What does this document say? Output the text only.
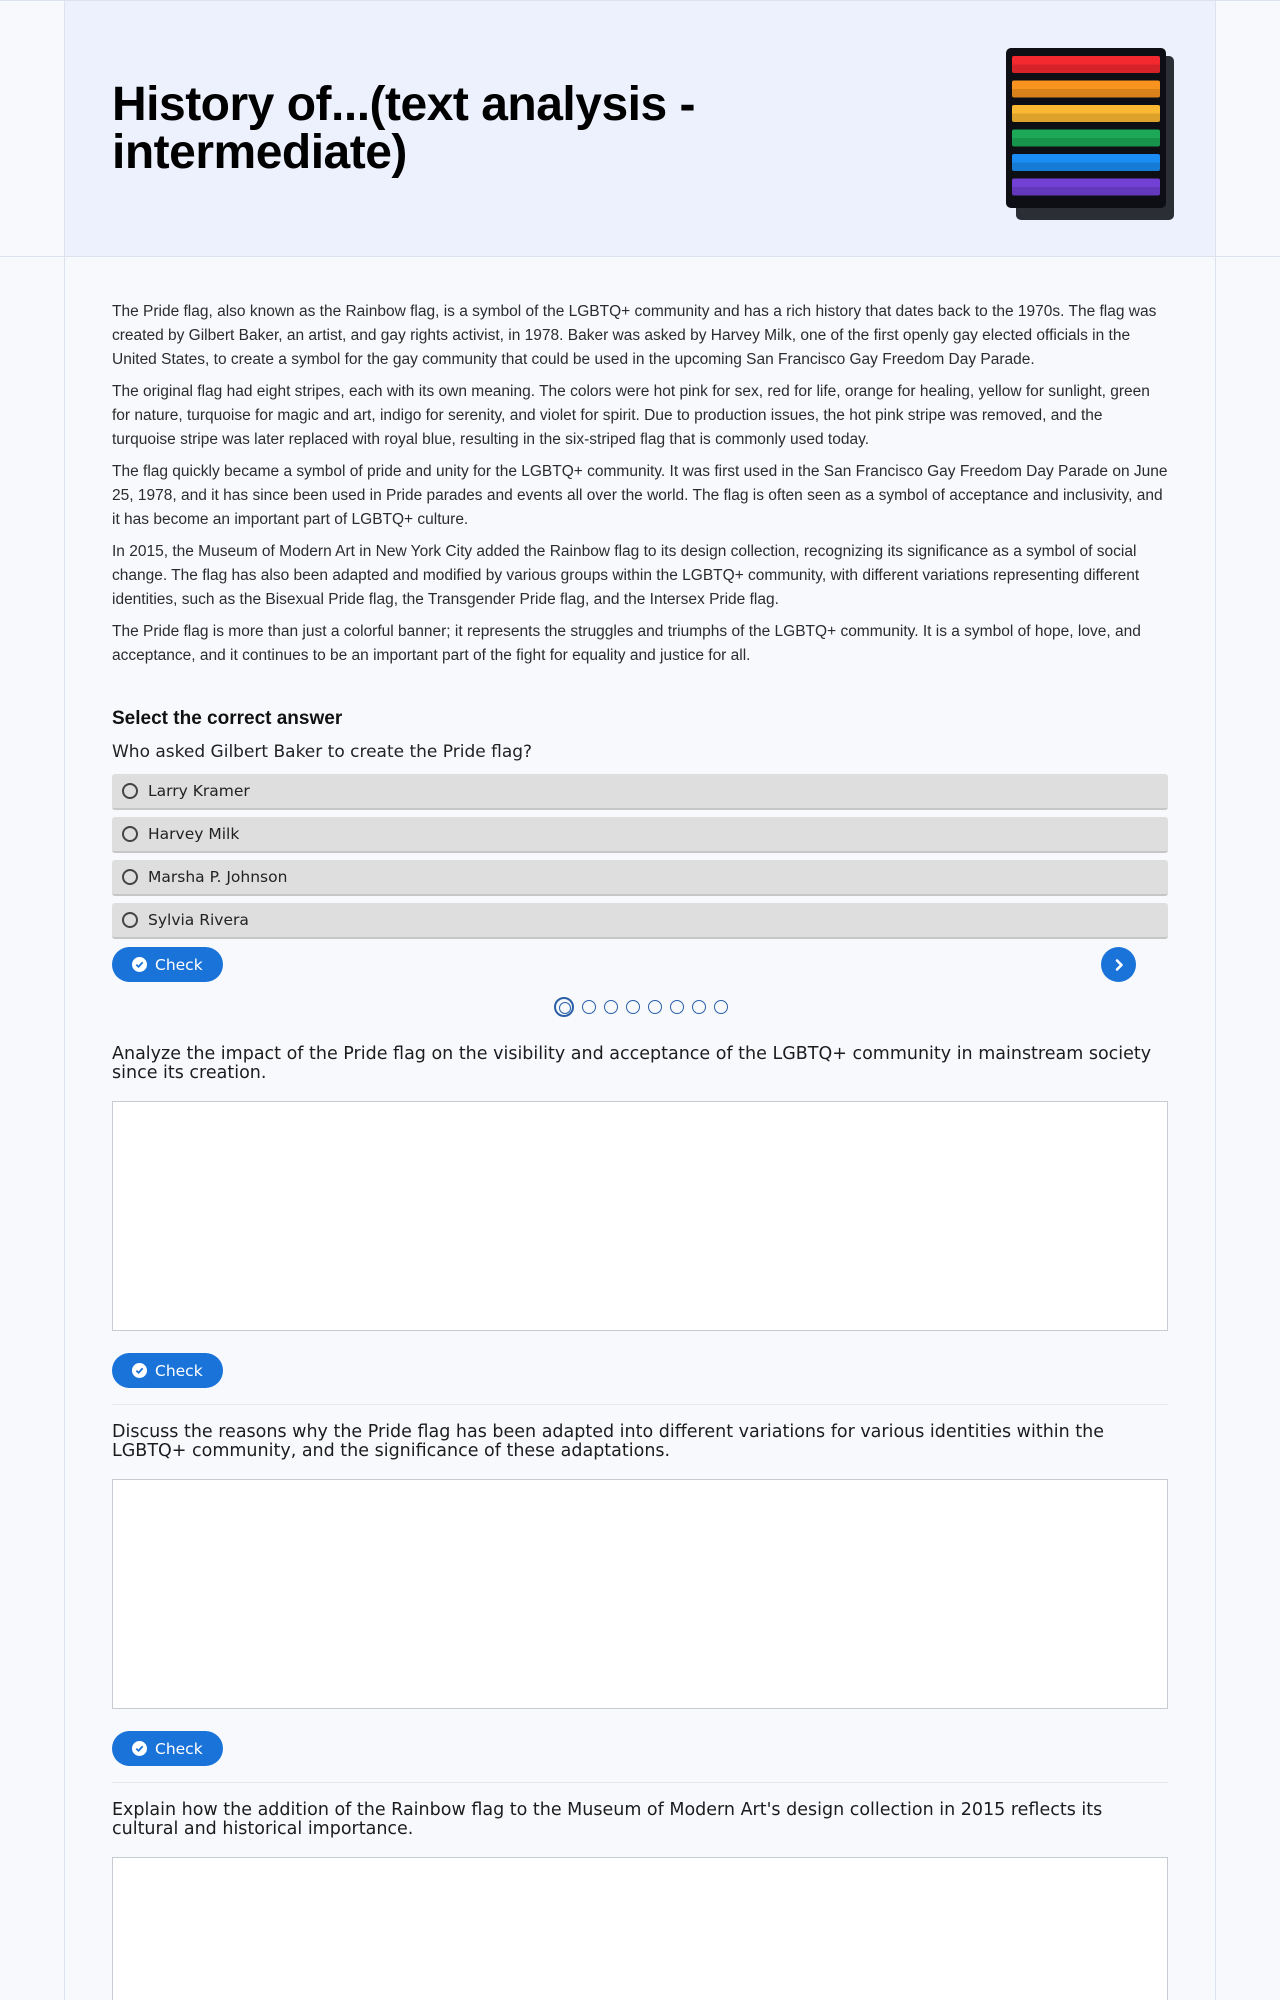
History of...(text analysis - intermediate)

The Pride flag, also known as the Rainbow flag, is a symbol of the LGBTQ+ community and has a rich history that dates back to the 1970s. The flag was created by Gilbert Baker, an artist, and gay rights activist, in 1978. Baker was asked by Harvey Milk, one of the first openly gay elected officials in the United States, to create a symbol for the gay community that could be used in the upcoming San Francisco Gay Freedom Day Parade.

The original flag had eight stripes, each with its own meaning. The colors were hot pink for sex, red for life, orange for healing, yellow for sunlight, green for nature, turquoise for magic and art, indigo for serenity, and violet for spirit. Due to production issues, the hot pink stripe was removed, and the turquoise stripe was later replaced with royal blue, resulting in the six-striped flag that is commonly used today.

The flag quickly became a symbol of pride and unity for the LGBTQ+ community. It was first used in the San Francisco Gay Freedom Day Parade on June 25, 1978, and it has since been used in Pride parades and events all over the world. The flag is often seen as a symbol of acceptance and inclusivity, and it has become an important part of LGBTQ+ culture.

In 2015, the Museum of Modern Art in New York City added the Rainbow flag to its design collection, recognizing its significance as a symbol of social change. The flag has also been adapted and modified by various groups within the LGBTQ+ community, with different variations representing different identities, such as the Bisexual Pride flag, the Transgender Pride flag, and the Intersex Pride flag.

The Pride flag is more than just a colorful banner; it represents the struggles and triumphs of the LGBTQ+ community. It is a symbol of hope, love, and acceptance, and it continues to be an important part of the fight for equality and justice for all.

Select the correct answer

Who asked Gilbert Baker to create the Pride flag?

Larry Kramer
Harvey Milk
Marsha P. Johnson
Sylvia Rivera
Check

Analyze the impact of the Pride flag on the visibility and acceptance of the LGBTQ+ community in mainstream society since its creation.

Check

Discuss the reasons why the Pride flag has been adapted into different variations for various identities within the LGBTQ+ community, and the significance of these adaptations.

Check

Explain how the addition of the Rainbow flag to the Museum of Modern Art's design collection in 2015 reflects its cultural and historical importance.
